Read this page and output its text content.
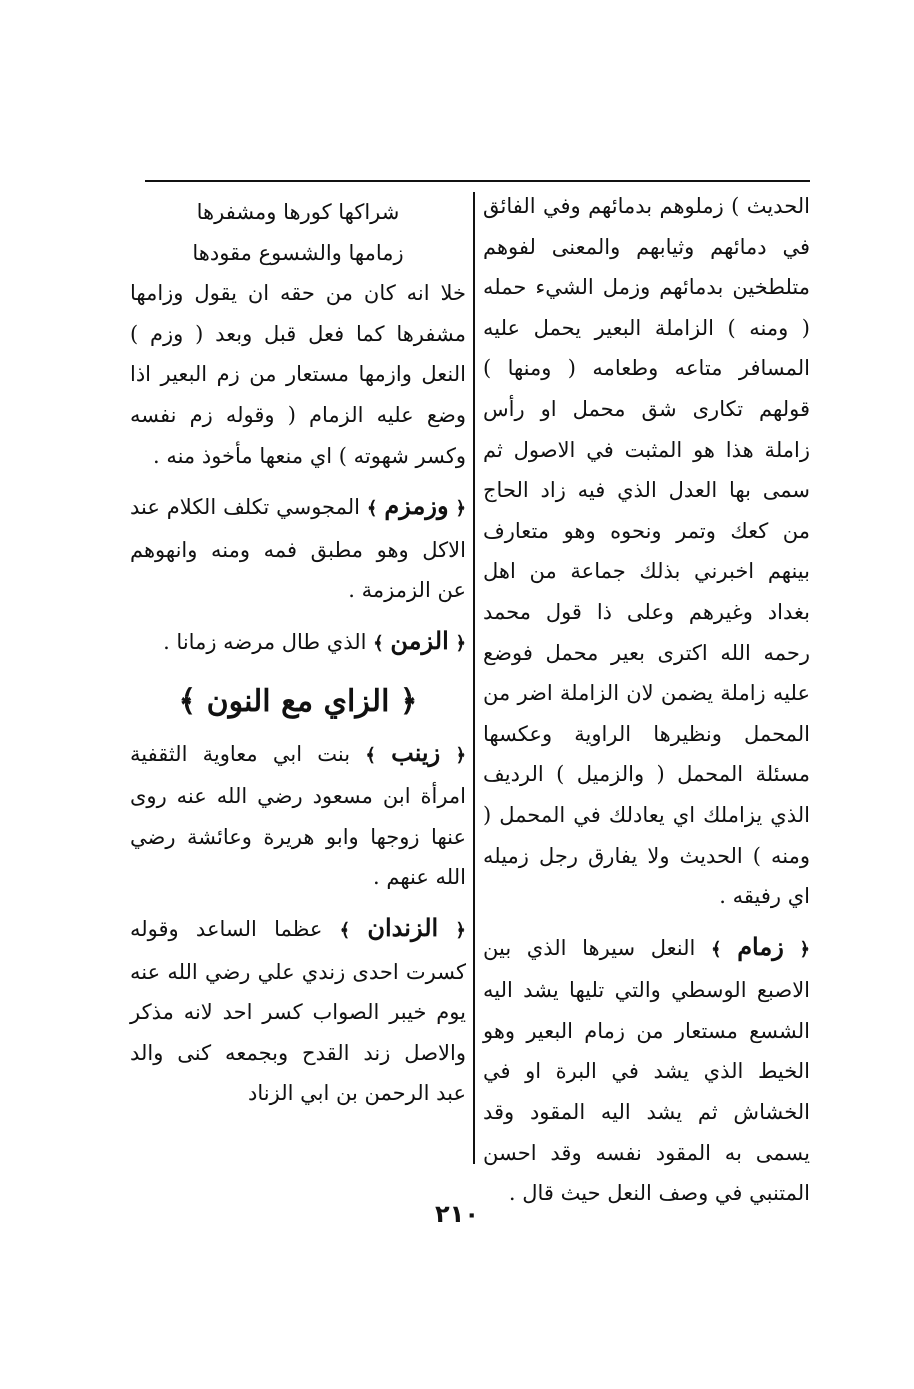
الحديث ) زملوهم بدمائهم وفي الفائق في دمائهم وثيابهم والمعنى لفوهم متلطخين بدمائهم وزمل الشيء حمله ( ومنه ) الزاملة البعير يحمل عليه المسافر متاعه وطعامه ( ومنها ) قولهم تكارى شق محمل او رأس زاملة هذا هو المثبت في الاصول ثم سمى بها العدل الذي فيه زاد الحاج من كعك وتمر ونحوه وهو متعارف بينهم اخبرني بذلك جماعة من اهل بغداد وغيرهم وعلى ذا قول محمد رحمه الله اكترى بعير محمل فوضع عليه زاملة يضمن لان الزاملة اضر من المحمل ونظيرها الراوية وعكسها مسئلة المحمل ( والزميل ) الرديف الذي يزاملك اي يعادلك في المحمل ( ومنه ) الحديث ولا يفارق رجل زميله اي رفيقه .

﴿ زمام ﴾ النعل سيرها الذي بين الاصبع الوسطي والتي تليها يشد اليه الشسع مستعار من زمام البعير وهو الخيط الذي يشد في البرة او في الخشاش ثم يشد اليه المقود وقد يسمى به المقود نفسه وقد احسن المتنبي في وصف النعل حيث قال .

شراكها كورها ومشفرها

زمامها والشسوع مقودها

خلا انه كان من حقه ان يقول وزامها مشفرها كما فعل قبل وبعد ( وزم ) النعل وازمها مستعار من زم البعير اذا وضع عليه الزمام ( وقوله زم نفسه وكسر شهوته ) اي منعها مأخوذ منه .

﴿ وزمزم ﴾ المجوسي تكلف الكلام عند الاكل وهو مطبق فمه ومنه وانهوهم عن الزمزمة .

﴿ الزمن ﴾ الذي طال مرضه زمانا .

﴿ الزاي مع النون ﴾

﴿ زينب ﴾ بنت ابي معاوية الثقفية امرأة ابن مسعود رضي الله عنه روى عنها زوجها وابو هريرة وعائشة رضي الله عنهم .

﴿ الزندان ﴾ عظما الساعد وقوله كسرت احدى زندي علي رضي الله عنه يوم خيبر الصواب كسر احد لانه مذكر والاصل زند القدح وبجمعه كنى والد عبد الرحمن بن ابي الزناد

٢١٠
